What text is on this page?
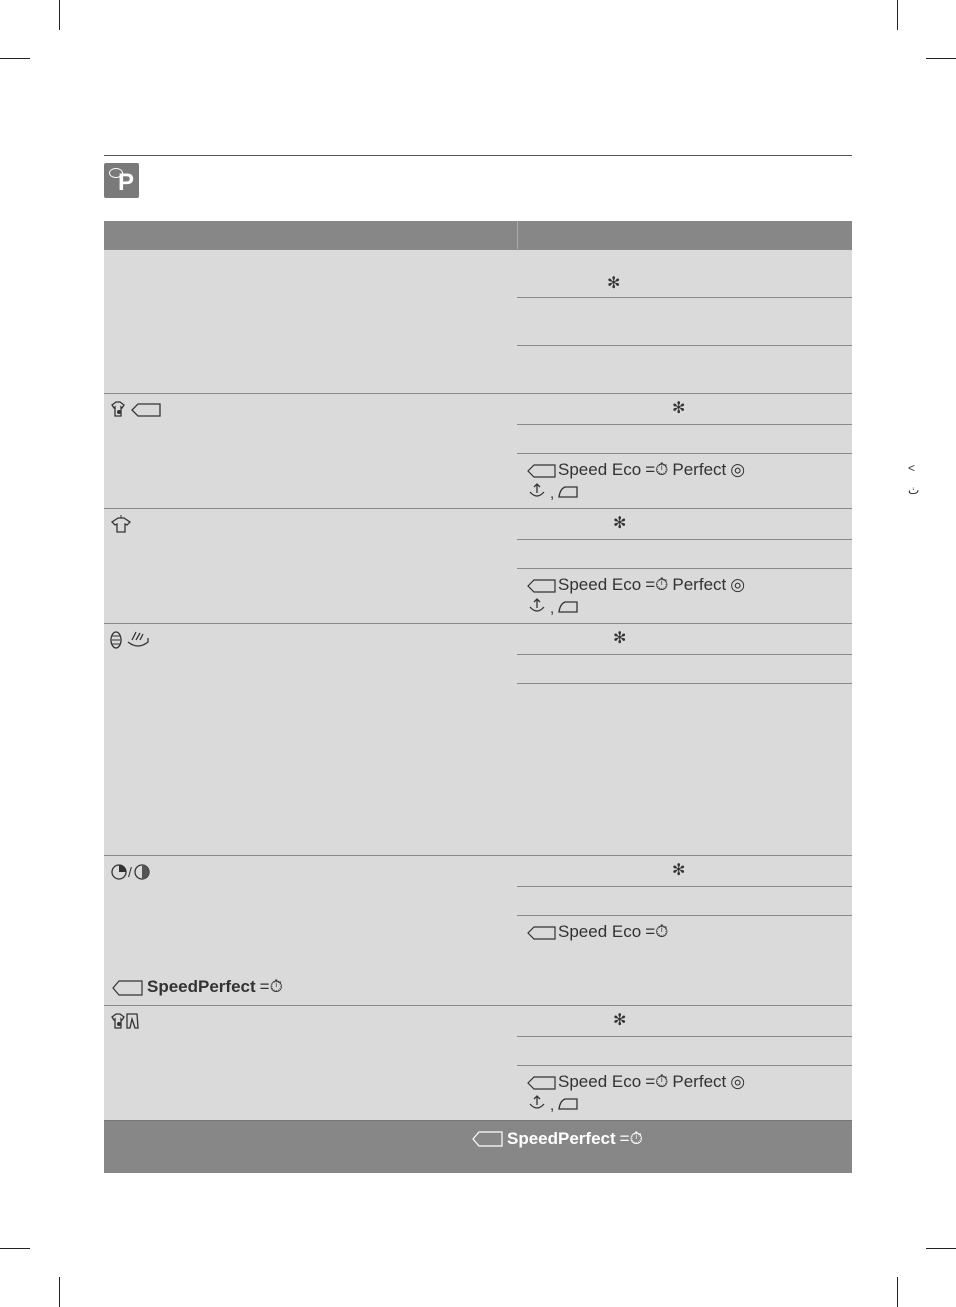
P
<
ٺ
✻
✻
Speed Eco =⏱ Perfect ◎
,
✻
Speed Eco =⏱ Perfect ◎
,
✻
/	✻
Speed Eco =⏱
SpeedPerfect =⏱
✻
Speed Eco =⏱ Perfect ◎
,
SpeedPerfect =⏱
